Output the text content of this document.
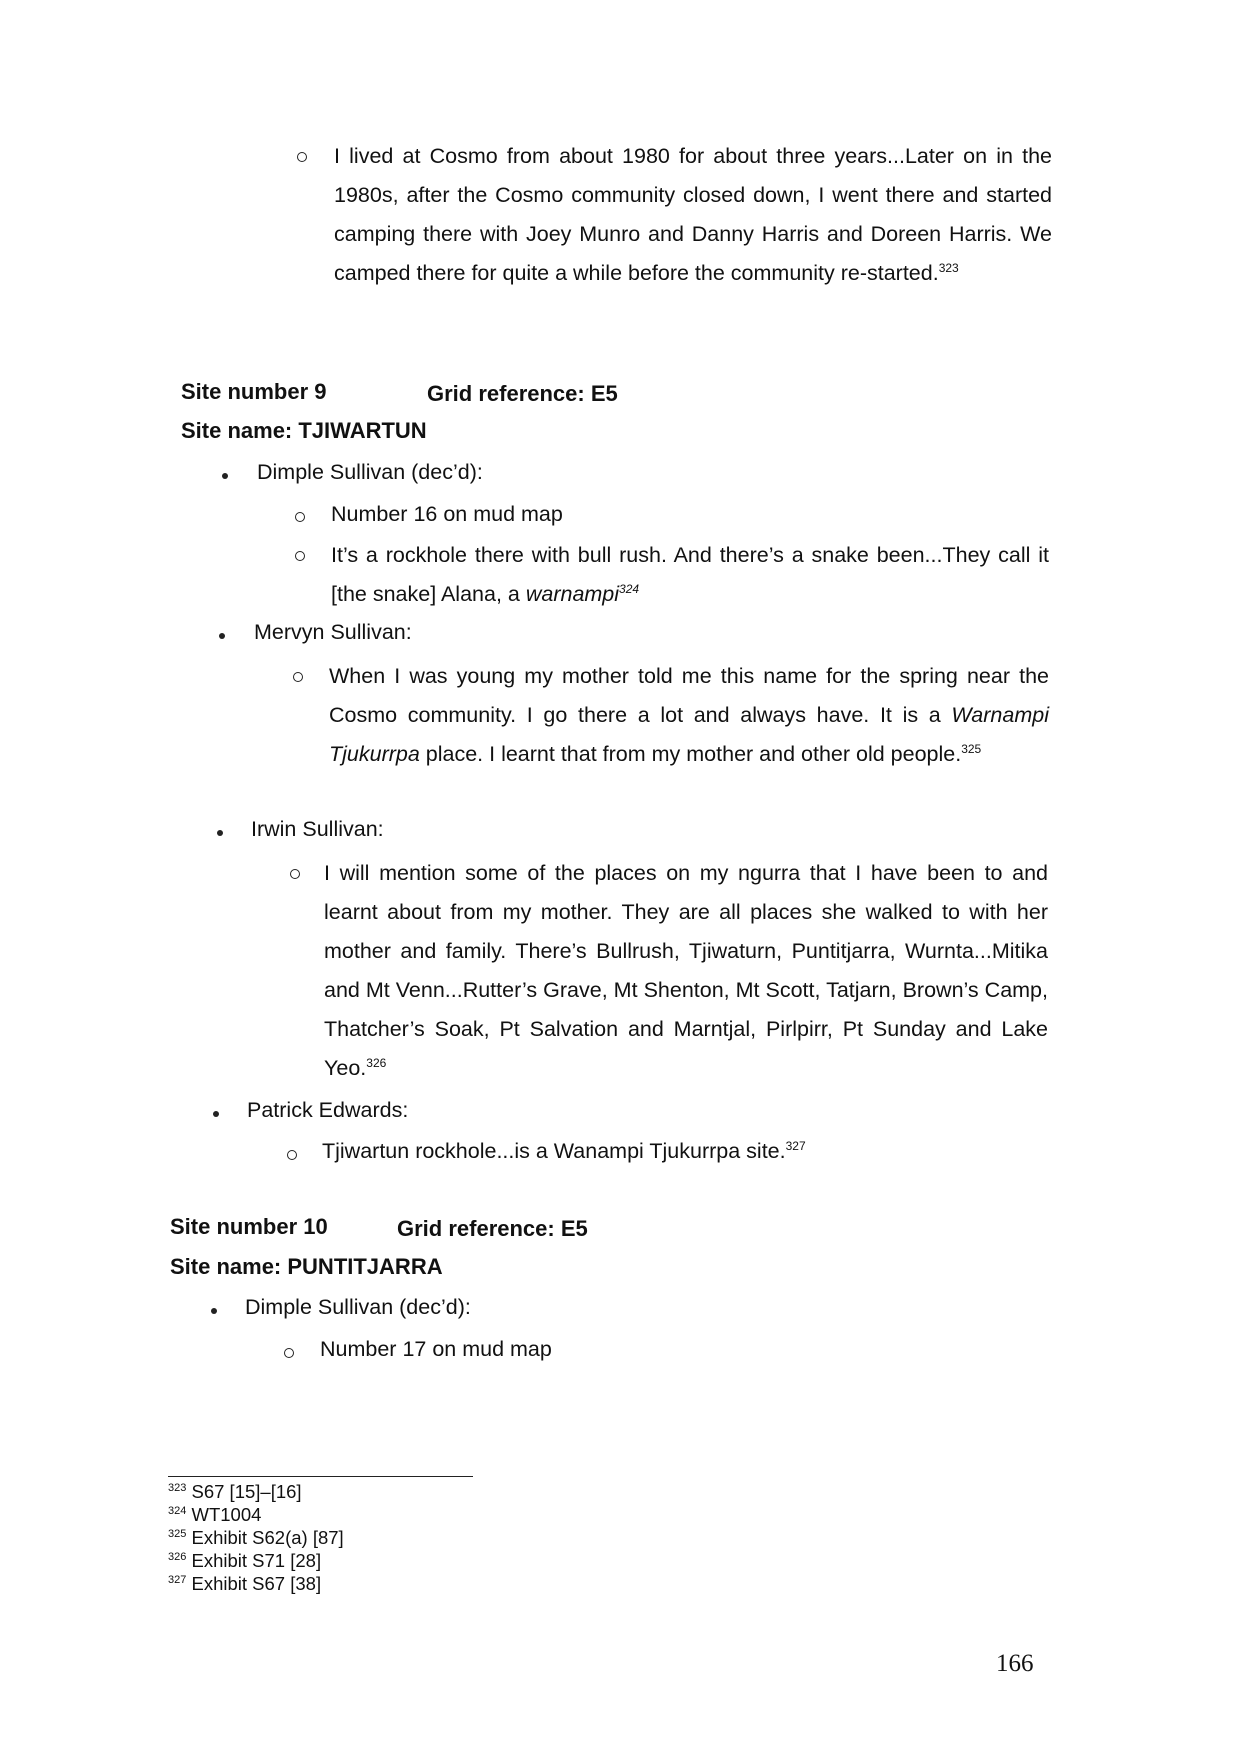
I lived at Cosmo from about 1980 for about three years...Later on in the 1980s, after the Cosmo community closed down, I went there and started camping there with Joey Munro and Danny Harris and Doreen Harris. We camped there for quite a while before the community re-started.$^{323}$
Site number 9	Grid reference: E5
Site name: TJIWARTUN
Dimple Sullivan (dec’d):
Number 16 on mud map
It’s a rockhole there with bull rush. And there’s a snake been...They call it [the snake] Alana, a warnampi$^{324}$
Mervyn Sullivan:
When I was young my mother told me this name for the spring near the Cosmo community. I go there a lot and always have. It is a Warnampi Tjukurrpa place. I learnt that from my mother and other old people.$^{325}$
Irwin Sullivan:
I will mention some of the places on my ngurra that I have been to and learnt about from my mother. They are all places she walked to with her mother and family. There’s Bullrush, Tjiwaturn, Puntitjarra, Wurnta...Mitika and Mt Venn...Rutter’s Grave, Mt Shenton, Mt Scott, Tatjarn, Brown’s Camp, Thatcher’s Soak, Pt Salvation and Marntjal, Pirlpirr, Pt Sunday and Lake Yeo.$^{326}$
Patrick Edwards:
Tjiwartun rockhole...is a Wanampi Tjukurrpa site.$^{327}$
Site number 10	Grid reference: E5
Site name: PUNTITJARRA
Dimple Sullivan (dec’d):
Number 17 on mud map
$^{323}$ S67 [15]–[16]
$^{324}$ WT1004
$^{325}$ Exhibit S62(a) [87]
$^{326}$ Exhibit S71 [28]
$^{327}$ Exhibit S67 [38]
166
